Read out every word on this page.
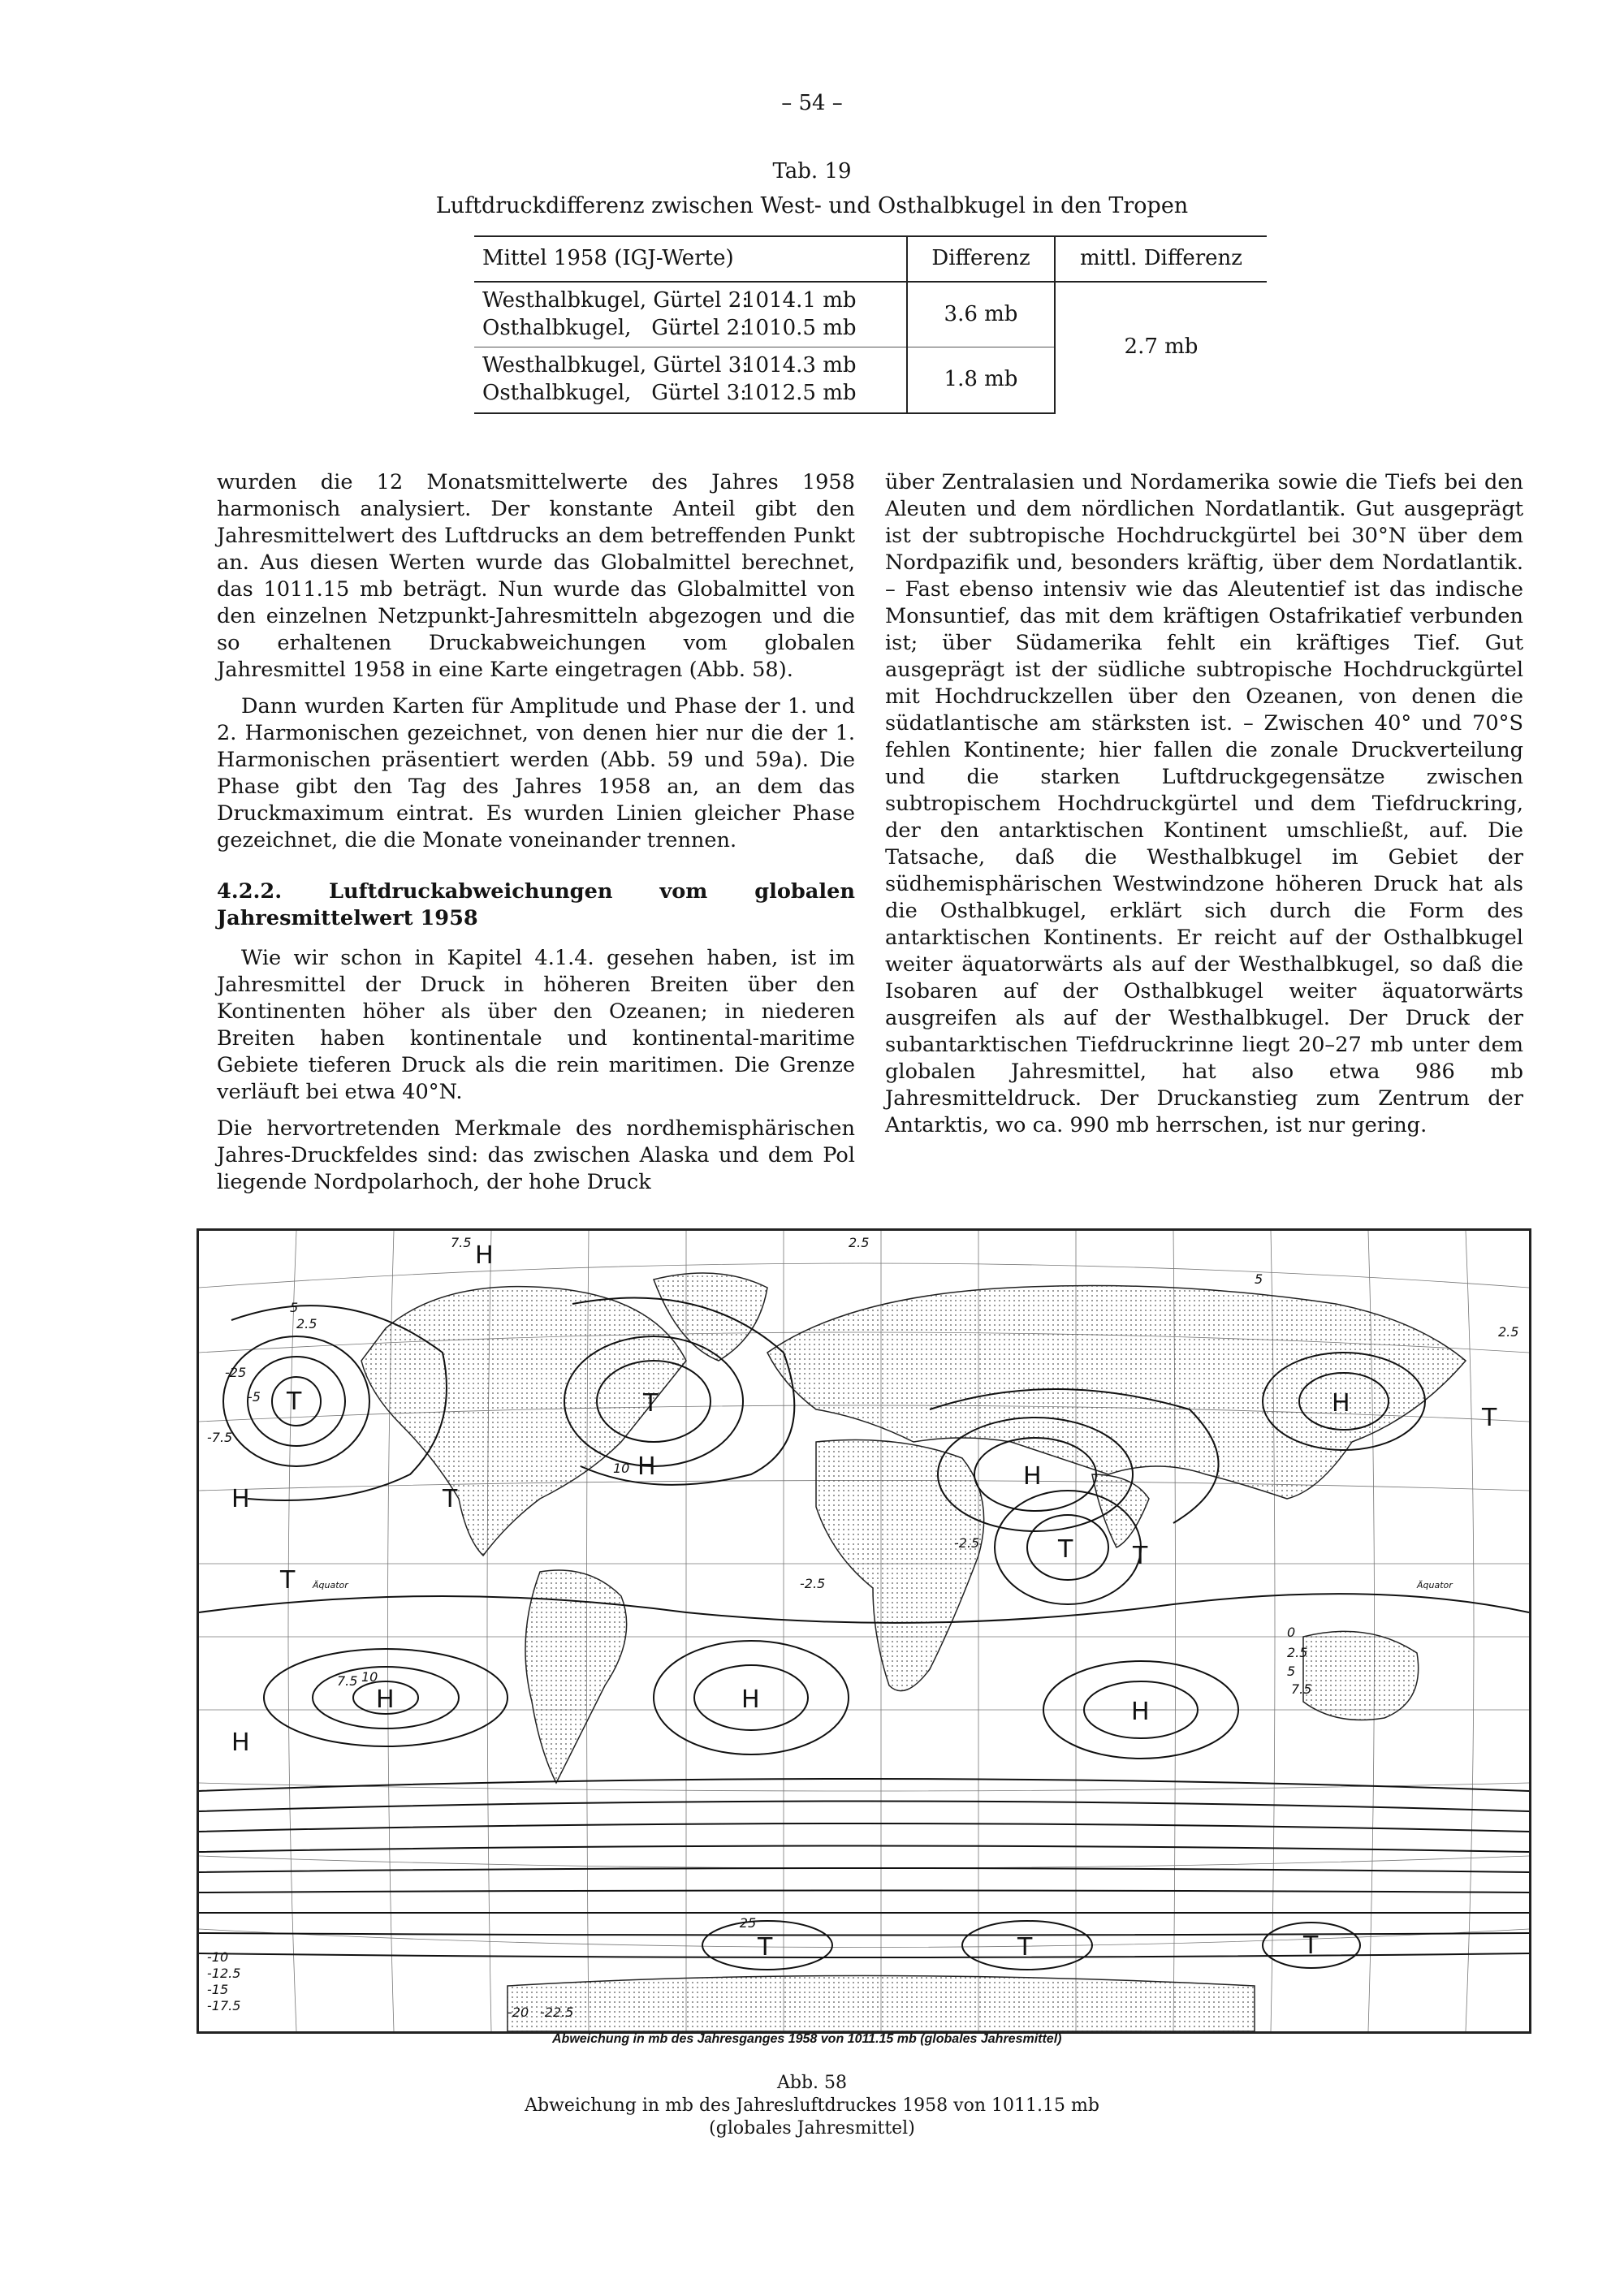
– 54 –
Tab. 19
Luftdruckdifferenz zwischen West- und Osthalbkugel in den Tropen
Mittel 1958 (IGJ-Werte)	Differenz	mittl. Differenz

Westhalbkugel, Gürtel 2:1014.1 mb
Osthalbkugel,   Gürtel 2:1010.5 mb	3.6 mb	2.7 mb

Westhalbkugel, Gürtel 3:1014.3 mb
Osthalbkugel,   Gürtel 3:1012.5 mb	1.8 mb	

wurden die 12 Monatsmittelwerte des Jahres 1958 harmonisch analysiert. Der konstante Anteil gibt den Jahresmittelwert des Luftdrucks an dem betreffenden Punkt an. Aus diesen Werten wurde das Globalmittel berechnet, das 1011.15 mb beträgt. Nun wurde das Globalmittel von den einzelnen Netzpunkt-Jahresmitteln abgezogen und die so erhaltenen Druckabweichungen vom globalen Jahresmittel 1958 in eine Karte eingetragen (Abb. 58).

Dann wurden Karten für Amplitude und Phase der 1. und 2. Harmonischen gezeichnet, von denen hier nur die der 1. Harmonischen präsentiert werden (Abb. 59 und 59a). Die Phase gibt den Tag des Jahres 1958 an, an dem das Druckmaximum eintrat. Es wurden Linien gleicher Phase gezeichnet, die die Monate voneinander trennen.

4.2.2. Luftdruckabweichungen vom globalen Jahresmittelwert 1958

Wie wir schon in Kapitel 4.1.4. gesehen haben, ist im Jahresmittel der Druck in höheren Breiten über den Kontinenten höher als über den Ozeanen; in niederen Breiten haben kontinentale und kontinental-maritime Gebiete tieferen Druck als die rein maritimen. Die Grenze verläuft bei etwa 40°N.

Die hervortretenden Merkmale des nordhemisphärischen Jahres-Druckfeldes sind: das zwischen Alaska und dem Pol liegende Nordpolarhoch, der hohe Druck

über Zentralasien und Nordamerika sowie die Tiefs bei den Aleuten und dem nördlichen Nordatlantik. Gut ausgeprägt ist der subtropische Hochdruckgürtel bei 30°N über dem Nordpazifik und, besonders kräftig, über dem Nordatlantik. – Fast ebenso intensiv wie das Aleutentief ist das indische Monsuntief, das mit dem kräftigen Ostafrikatief verbunden ist; über Südamerika fehlt ein kräftiges Tief. Gut ausgeprägt ist der südliche subtropische Hochdruckgürtel mit Hochdruckzellen über den Ozeanen, von denen die südatlantische am stärksten ist. – Zwischen 40° und 70°S fehlen Kontinente; hier fallen die zonale Druckverteilung und die starken Luftdruckgegensätze zwischen subtropischem Hochdruckgürtel und dem Tiefdruckring, der den antarktischen Kontinent umschließt, auf. Die Tatsache, daß die Westhalbkugel im Gebiet der südhemisphärischen Westwindzone höheren Druck hat als die Osthalbkugel, erklärt sich durch die Form des antarktischen Kontinents. Er reicht auf der Osthalbkugel weiter äquatorwärts als auf der Westhalbkugel, so daß die Isobaren auf der Osthalbkugel weiter äquatorwärts ausgreifen als auf der Westhalbkugel. Der Druck der subantarktischen Tiefdruckrinne liegt 20–27 mb unter dem globalen Jahresmittel, hat also etwa 986 mb Jahresmitteldruck. Der Druckanstieg zum Zentrum der Antarktis, wo ca. 990 mb herrschen, ist nur gering.

T
H
T
T
H
H
T T
H
H
H	H	H
H
T
T	T	T
T
-25
-5
-7.5
2.5
5
7.5
10
-2.5
2.5
5
0
2.5
5
7.5
-25
-22.5
-20
-17.5
-15
-12.5
-10
7.5 10
2.5
-2.5
Äquator	Äquator
Abweichung in mb des Jahresganges 1958 von 1011.15 mb (globales Jahresmittel)
Abb. 58
Abweichung in mb des Jahresluftdruckes 1958 von 1011.15 mb
(globales Jahresmittel)
